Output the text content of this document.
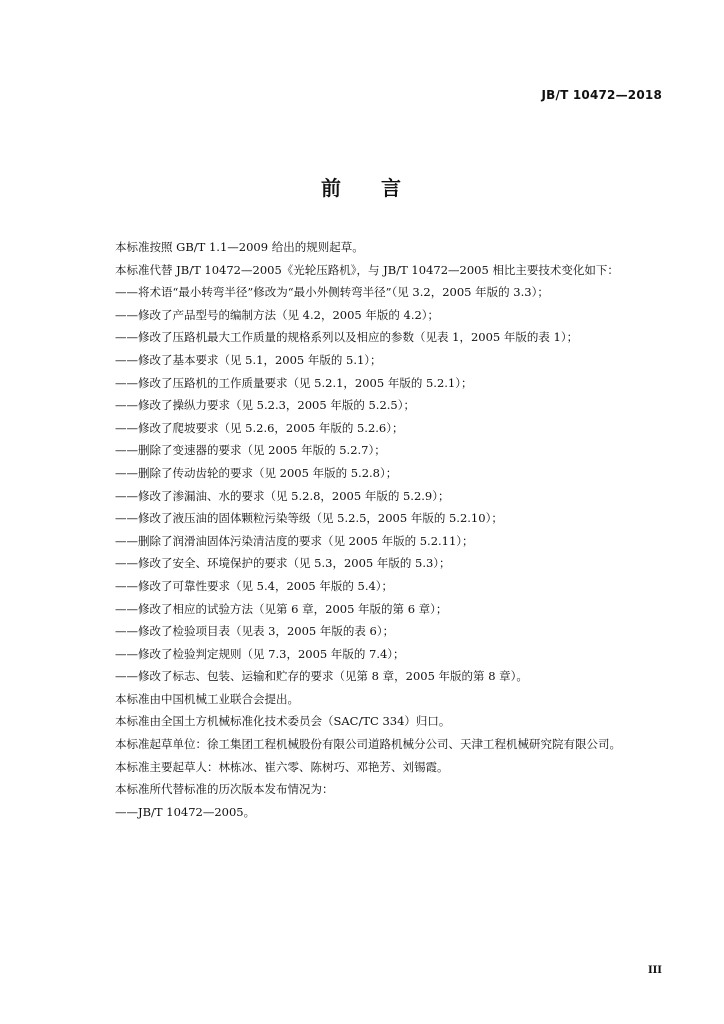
JB/T 10472—2018
前 言

本标准按照 GB/T 1.1—2009 给出的规则起草。

本标准代替 JB/T 10472—2005《光轮压路机》，与 JB/T 10472—2005 相比主要技术变化如下：

——将术语“最小转弯半径”修改为“最小外侧转弯半径”（见 3.2，2005 年版的 3.3）；

——修改了产品型号的编制方法（见 4.2，2005 年版的 4.2）；

——修改了压路机最大工作质量的规格系列以及相应的参数（见表 1，2005 年版的表 1）；

——修改了基本要求（见 5.1，2005 年版的 5.1）；

——修改了压路机的工作质量要求（见 5.2.1，2005 年版的 5.2.1）；

——修改了操纵力要求（见 5.2.3，2005 年版的 5.2.5）；

——修改了爬坡要求（见 5.2.6，2005 年版的 5.2.6）；

——删除了变速器的要求（见 2005 年版的 5.2.7）；

——删除了传动齿轮的要求（见 2005 年版的 5.2.8）；

——修改了渗漏油、水的要求（见 5.2.8，2005 年版的 5.2.9）；

——修改了液压油的固体颗粒污染等级（见 5.2.5，2005 年版的 5.2.10）；

——删除了润滑油固体污染清洁度的要求（见 2005 年版的 5.2.11）；

——修改了安全、环境保护的要求（见 5.3，2005 年版的 5.3）；

——修改了可靠性要求（见 5.4，2005 年版的 5.4）；

——修改了相应的试验方法（见第 6 章，2005 年版的第 6 章）；

——修改了检验项目表（见表 3，2005 年版的表 6）；

——修改了检验判定规则（见 7.3，2005 年版的 7.4）；

——修改了标志、包装、运输和贮存的要求（见第 8 章，2005 年版的第 8 章）。

本标准由中国机械工业联合会提出。

本标准由全国土方机械标准化技术委员会（SAC/TC 334）归口。

本标准起草单位：徐工集团工程机械股份有限公司道路机械分公司、天津工程机械研究院有限公司。

本标准主要起草人：林栋冰、崔六零、陈树巧、邓艳芳、刘锡霞。

本标准所代替标准的历次版本发布情况为：

——JB/T 10472—2005。

III
